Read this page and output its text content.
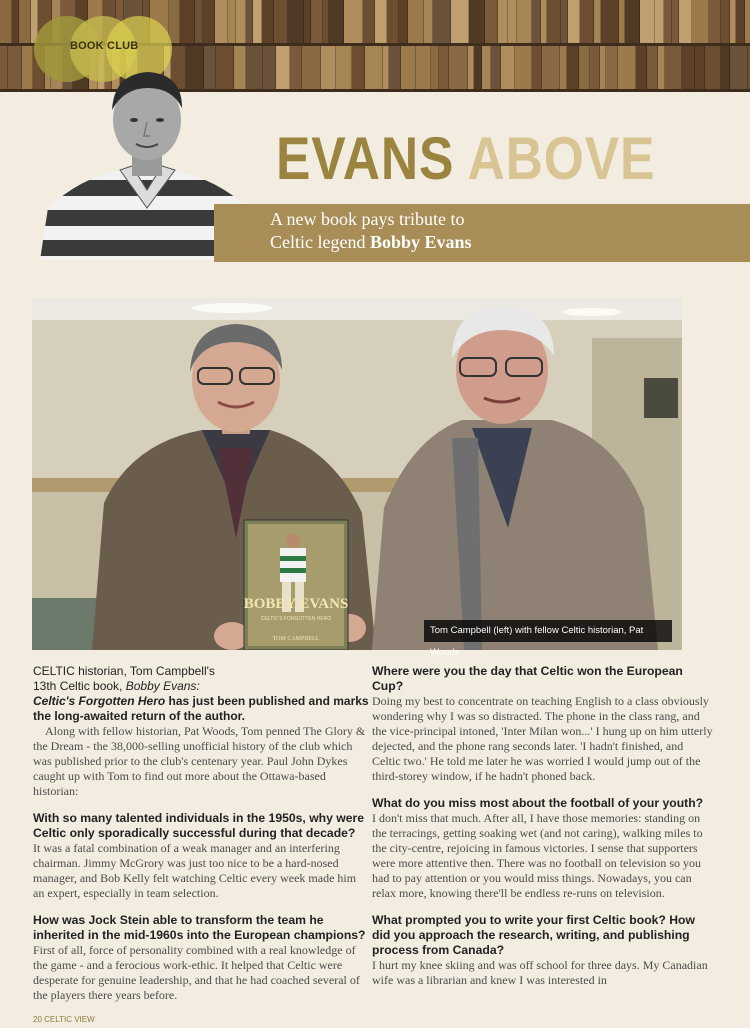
BOOK CLUB
EVANS ABOVE
A new book pays tribute to
Celtic legend Bobby Evans
BOBBY EVANS
CELTIC'S FORGOTTEN HERO
TOM CAMPBELL
Tom Campbell (left) with fellow Celtic historian, Pat Woods
CELTIC historian, Tom Campbell's
13th Celtic book, Bobby Evans:
Celtic's Forgotten Hero has just been published and marks
the long-awaited return of the author.
Along with fellow historian, Pat Woods, Tom penned The Glory & the Dream - the 38,000-selling unofficial history of the club which was published prior to the club's centenary year. Paul John Dykes caught up with Tom to find out more about the Ottawa-based historian:
With so many talented individuals in the 1950s, why were Celtic only sporadically successful during that decade?
It was a fatal combination of a weak manager and an interfering chairman. Jimmy McGrory was just too nice to be a hard-nosed manager, and Bob Kelly felt watching Celtic every week made him an expert, especially in team selection.
How was Jock Stein able to transform the team he inherited in the mid-1960s into the European champions?
First of all, force of personality combined with a real knowledge of the game - and a ferocious work-ethic. It helped that Celtic were desperate for genuine leadership, and that he had coached several of the players there years before.
Where were you the day that Celtic won the European Cup?
Doing my best to concentrate on teaching English to a class obviously wondering why I was so distracted. The phone in the class rang, and the vice-principal intoned, 'Inter Milan won...' I hung up on him utterly dejected, and the phone rang seconds later. 'I hadn't finished, and Celtic two.' He told me later he was worried I would jump out of the third-storey window, if he hadn't phoned back.
What do you miss most about the football of your youth?
I don't miss that much. After all, I have those memories: standing on the terracings, getting soaking wet (and not caring), walking miles to the city-centre, rejoicing in famous victories. I sense that supporters were more attentive then. There was no football on television so you had to pay attention or you would miss things. Nowadays, you can relax more, knowing there'll be endless re-runs on television.
What prompted you to write your first Celtic book? How did you approach the research, writing, and publishing process from Canada?
I hurt my knee skiing and was off school for three days. My Canadian wife was a librarian and knew I was interested in
20 CELTIC VIEW
